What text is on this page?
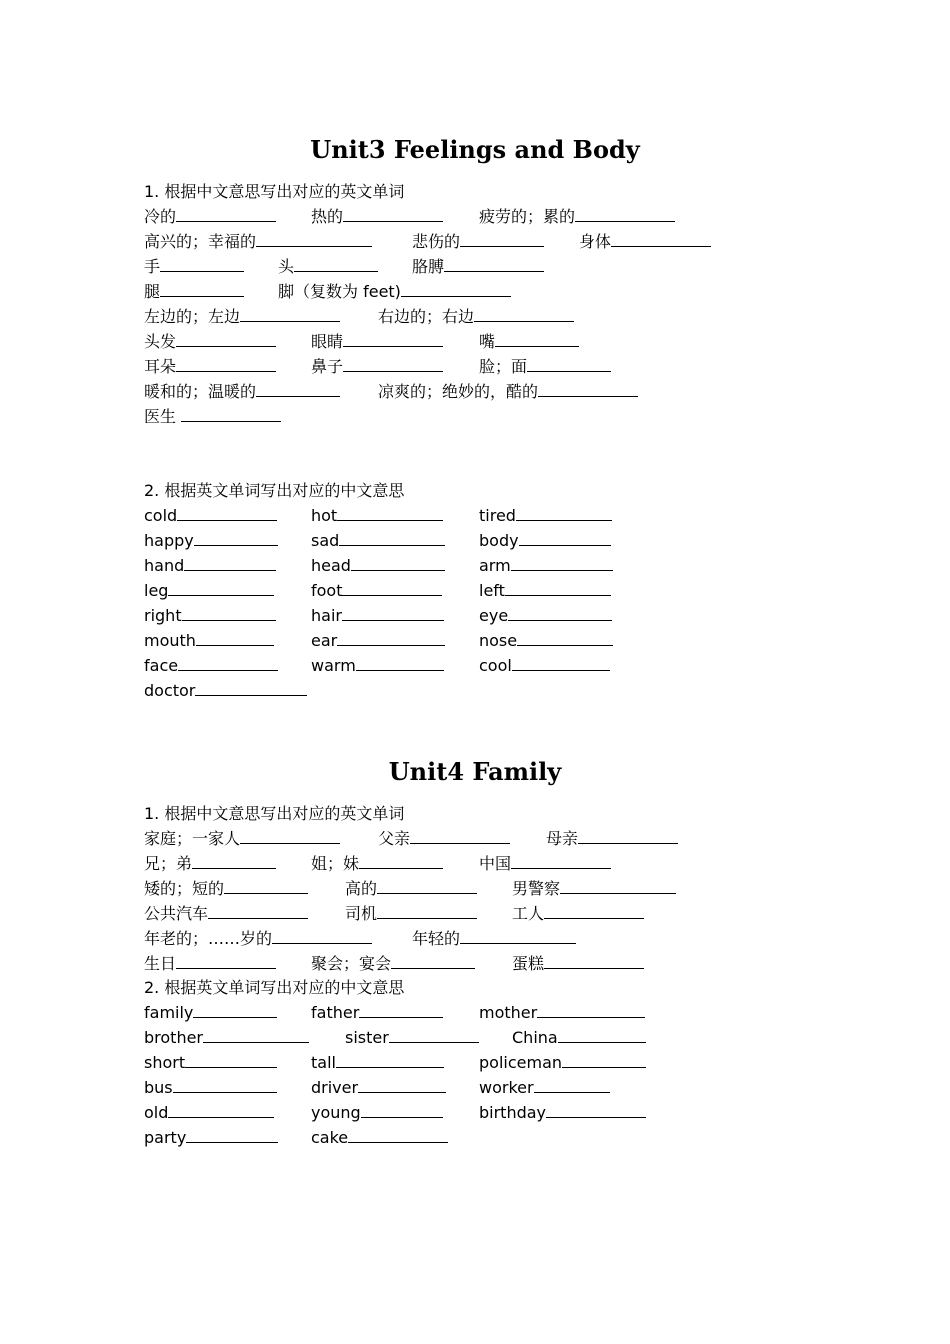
Unit3 Feelings and Body

1. 根据中文意思写出对应的英文单词

冷的	热的	疲劳的；累的
高兴的；幸福的	悲伤的	身体
手	头	胳膊
腿	脚（复数为 feet)
左边的；左边	右边的；右边
头发	眼睛	嘴
耳朵	鼻子	脸；面
暖和的；温暖的	凉爽的；绝妙的，酷的
医生

2. 根据英文单词写出对应的中文意思

cold	hot	tired
happy	sad	body
hand	head	arm
leg	foot	left
right	hair	eye
mouth	ear	nose
face	warm	cool
doctor
Unit4 Family

1. 根据中文意思写出对应的英文单词

家庭；一家人	父亲	母亲
兄；弟	姐；妹	中国
矮的；短的	高的	男警察
公共汽车	司机	工人
年老的；……岁的	年轻的
生日	聚会；宴会	蛋糕

2. 根据英文单词写出对应的中文意思

family	father	mother
brother	sister	China
short	tall	policeman
bus	driver	worker
old	young	birthday
party	cake
